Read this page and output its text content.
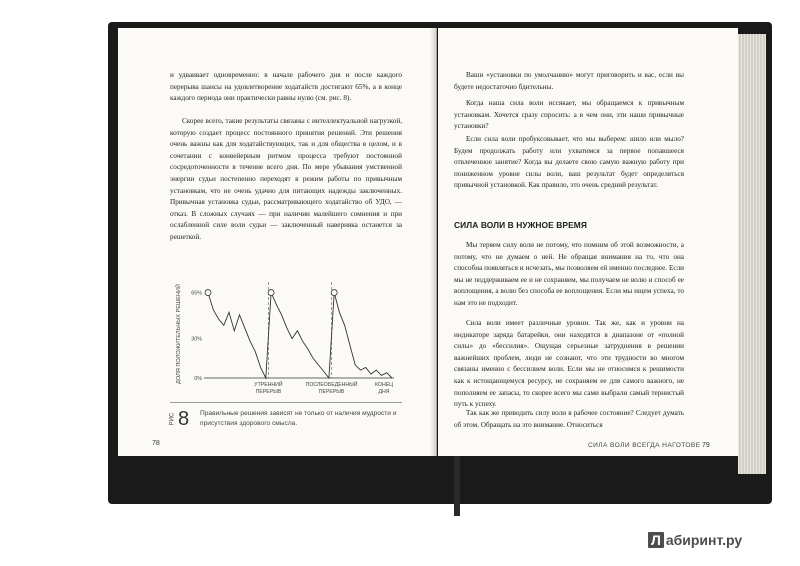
и удваивает одновременно: в начале рабочего дня и после каждого перерыва шансы на удовлетворение ходатайств достигают 65%, а в конце каждого периода они практически равны нулю (см. рис. 8).

Скорее всего, такие результаты связаны с интеллектуальной нагрузкой, которую создает процесс постоянного принятия решений. Эти решения очень важны как для ходатайствующих, так и для общества в целом, и в сочетании с конвейерным ритмом процесса требуют постоянной сосредоточенности в течение всего дня. По мере убывания умственной энергии судьи постепенно переходят в режим работы по привычным установкам, что не очень удачно для питающих надежды заключенных. Привычная установка судьи, рассматривающего ходатайство об УДО, — отказ. В сложных случаях — при наличии малейшего сомнения и при ослабленной силе воли судьи — заключенный наверняка останется за решеткой.

ДОЛЯ ПОЛОЖИТЕЛЬНЫХ РЕШЕНИЙ 65%
30%
0%
УТРЕННИЙ
ПЕРЕРЫВ
ПОСЛЕОБЕДЕННЫЙ
ПЕРЕРЫВ
КОНЕЦ
ДНЯ
РИС 8 Правильные решения зависят не только от наличия мудрости и присутствия здорового смысла.
78

Ваши «установки по умолчанию» могут приговорить и вас, если вы будете недостаточно бдительны.

Когда наша сила воли иссякает, мы обращаемся к привычным установкам. Хочется сразу спросить: а в чем они, эти наши привычные установки?

Если сила воли пробуксовывает, что мы выберем: шило или мыло? Будем продолжать работу или ухватимся за первое попавшееся отвлеченное занятие? Когда вы делаете свою самую важную работу при пониженном уровне силы воли, ваш результат будет определяться привычной установкой. Как правило, это очень средний результат.

СИЛА ВОЛИ В НУЖНОЕ ВРЕМЯ

Мы теряем силу воли не потому, что помним об этой возможности, а потому, что не думаем о ней. Не обращая внимания на то, что она способна появляться и исчезать, мы позволяем ей именно последнее. Если мы не поддерживаем ее и не сохраняем, мы получаем не волю и способ ее воплощения, а волю без способа ее воплощения. Если мы ищем успеха, то нам это не подходит.

Сила воли имеет различные уровни. Так же, как и уровни на индикаторе заряда батарейки, они находятся в диапазоне от «полной силы» до «бессилия». Ощущая серьезные затруднения в решении важнейших проблем, люди не сознают, что эти трудности во многом связаны именно с бессилием воли. Если мы не относимся к решимости как к истощающемуся ресурсу, не сохраняем ее для самого важного, не пополняем ее запасы, то скорее всего мы сами выбрали самый тернистый путь к успеху.

Так как же приводить силу воли в рабочее состояние? Следует думать об этом. Обращать на это внимание. Относиться

СИЛА ВОЛИ ВСЕГДА НАГОТОВЕ 79
Л абиринт.ру
